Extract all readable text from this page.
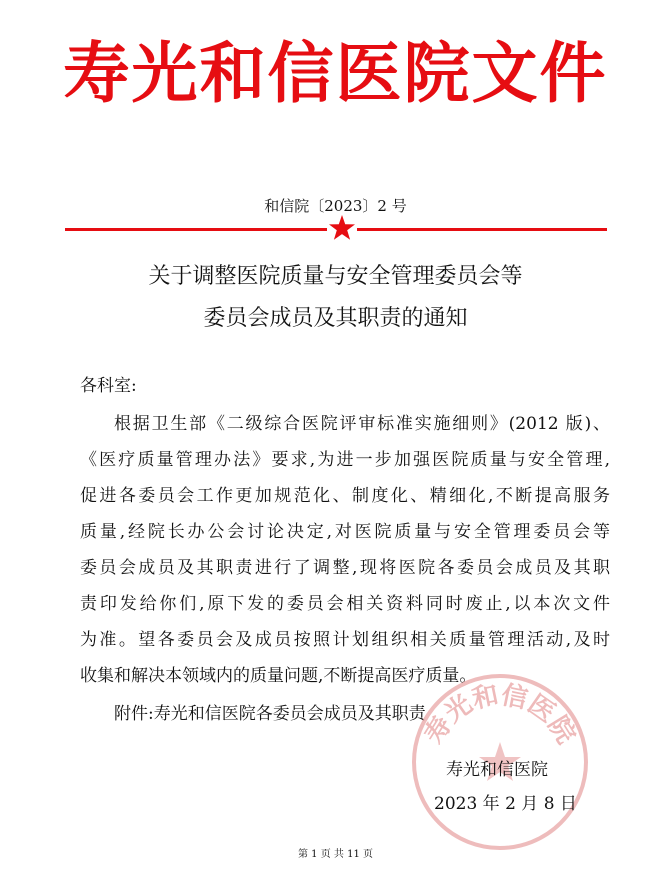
寿光和信医院文件
和信院〔2023〕2 号
关于调整医院质量与安全管理委员会等
委员会成员及其职责的通知
各科室:
根据卫生部《二级综合医院评审标准实施细则》(2012 版)、
《医疗质量管理办法》要求,为进一步加强医院质量与安全管理,
促进各委员会工作更加规范化、制度化、精细化,不断提高服务
质量,经院长办公会讨论决定,对医院质量与安全管理委员会等
委员会成员及其职责进行了调整,现将医院各委员会成员及其职
责印发给你们,原下发的委员会相关资料同时废止,以本次文件
为准。望各委员会及成员按照计划组织相关质量管理活动,及时
收集和解决本领域内的质量问题,不断提高医疗质量。
附件:寿光和信医院各委员会成员及其职责
寿光和信医院
寿光和信医院
2023 年 2 月 8 日
第 1 页 共 11 页
